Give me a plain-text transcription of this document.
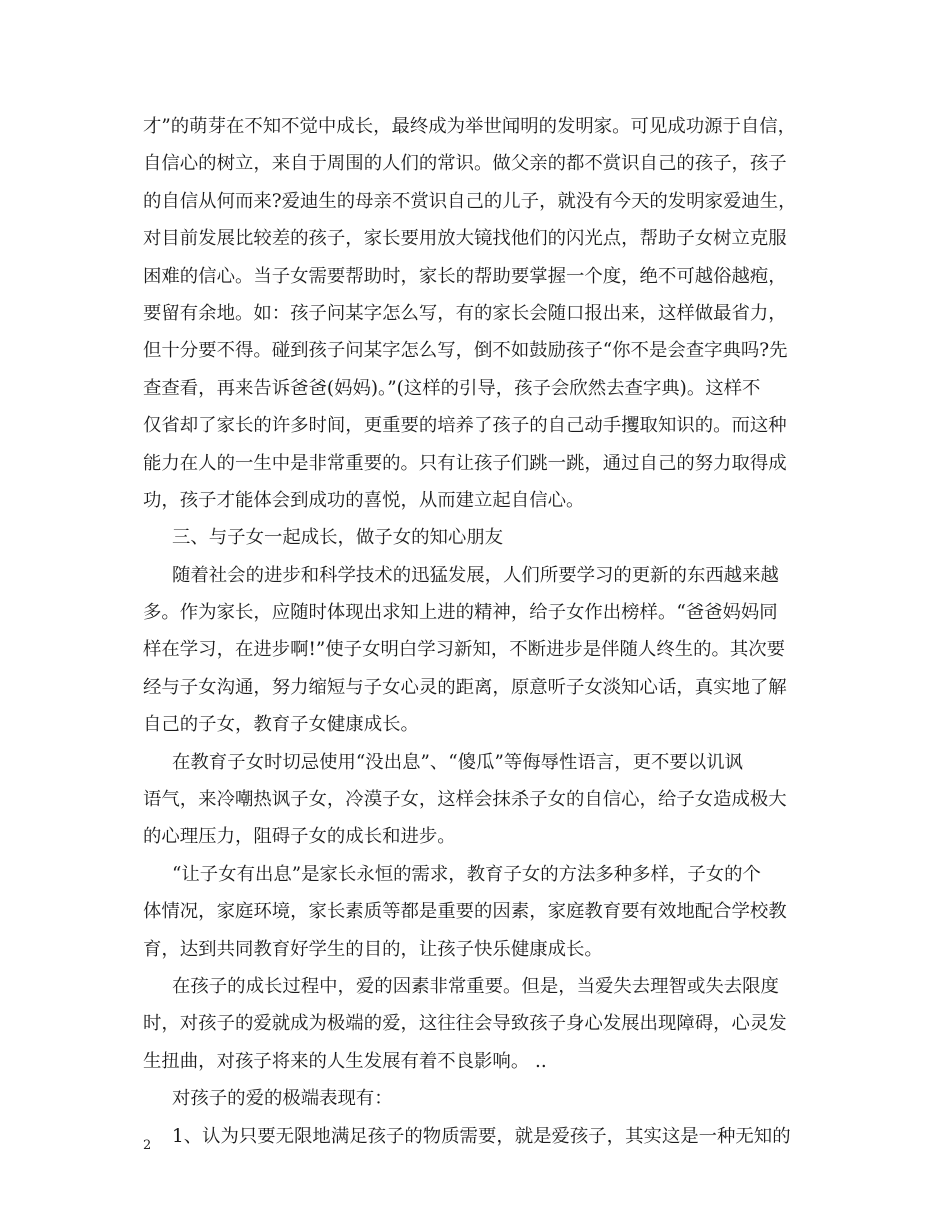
才”的萌芽在不知不觉中成长，最终成为举世闻明的发明家。可见成功源于自信，
自信心的树立，来自于周围的人们的常识。做父亲的都不赏识自己的孩子，孩子
的自信从何而来?爱迪生的母亲不赏识自己的儿子，就没有今天的发明家爱迪生，
对目前发展比较差的孩子，家长要用放大镜找他们的闪光点，帮助子女树立克服
困难的信心。当子女需要帮助时，家长的帮助要掌握一个度，绝不可越俗越疱，
要留有余地。如：孩子问某字怎么写，有的家长会随口报出来，这样做最省力，
但十分要不得。碰到孩子问某字怎么写，倒不如鼓励孩子“你不是会查字典吗?先
查查看，再来告诉爸爸(妈妈)。”(这样的引导，孩子会欣然去查字典)。这样不
仅省却了家长的许多时间，更重要的培养了孩子的自己动手攫取知识的。而这种
能力在人的一生中是非常重要的。只有让孩子们跳一跳，通过自己的努力取得成
功，孩子才能体会到成功的喜悦，从而建立起自信心。
三、与子女一起成长，做子女的知心朋友
随着社会的进步和科学技术的迅猛发展，人们所要学习的更新的东西越来越
多。作为家长，应随时体现出求知上进的精神，给子女作出榜样。“爸爸妈妈同
样在学习，在进步啊!”使子女明白学习新知，不断进步是伴随人终生的。其次要
经与子女沟通，努力缩短与子女心灵的距离，原意听子女淡知心话，真实地了解
自己的子女，教育子女健康成长。
在教育子女时切忌使用“没出息”、“傻瓜”等侮辱性语言，更不要以讥讽
语气，来冷嘲热讽子女，冷漠子女，这样会抹杀子女的自信心，给子女造成极大
的心理压力，阻碍子女的成长和进步。
“让子女有出息”是家长永恒的需求，教育子女的方法多种多样，子女的个
体情况，家庭环境，家长素质等都是重要的因素，家庭教育要有效地配合学校教
育，达到共同教育好学生的目的，让孩子快乐健康成长。
在孩子的成长过程中，爱的因素非常重要。但是，当爱失去理智或失去限度
时，对孩子的爱就成为极端的爱，这往往会导致孩子身心发展出现障碍，心灵发
生扭曲，对孩子将来的人生发展有着不良影响。 ..
对孩子的爱的极端表现有：
1、认为只要无限地满足孩子的物质需要，就是爱孩子，其实这是一种无知的
2
